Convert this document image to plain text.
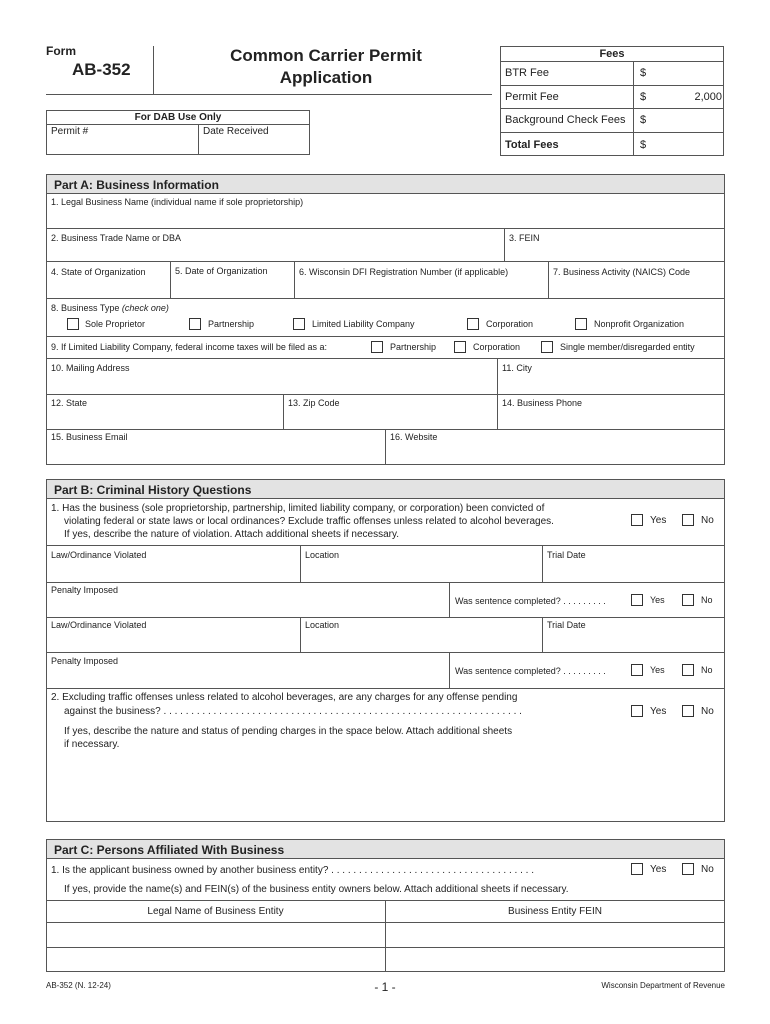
Form
AB-352
Common Carrier Permit
Application
Fees
BTR Fee	$
Permit Fee	$	2,000
Background Check Fees $
Total Fees	$
For DAB Use Only
Permit #	Date Received
Part A: Business Information
1. Legal Business Name (individual name if sole proprietorship)
2. Business Trade Name or DBA	3. FEIN
4. State of Organization	5. Date of Organization	6. Wisconsin DFI Registration Number (if applicable)	7. Business Activity (NAICS) Code
8. Business Type (check one)
Sole Proprietor	Partnership	Limited Liability Company	Corporation	Nonprofit Organization
9. If Limited Liability Company, federal income taxes will be filed as a:	Partnership	Corporation	Single member/disregarded entity
10. Mailing Address	11. City
12. State	13. Zip Code	14. Business Phone
15. Business Email	16. Website
Part B: Criminal History Questions
1. Has the business (sole proprietorship, partnership, limited liability company, or corporation) been convicted of
violating federal or state laws or local ordinances? Exclude traffic offenses unless related to alcohol beverages.
If yes, describe the nature of violation. Attach additional sheets if necessary.
Yes	No
Law/Ordinance Violated	Location	Trial Date
Penalty Imposed
Was sentence completed? . . . . . . . . .	Yes	No
Law/Ordinance Violated	Location	Trial Date
Penalty Imposed
Was sentence completed? . . . . . . . . .	Yes	No
2. Excluding traffic offenses unless related to alcohol beverages, are any charges for any offense pending
against the business? . . . . . . . . . . . . . . . . . . . . . . . . . . . . . . . . . . . . . . . . . . . . . . . . . . . . . . . . . . . . . . . . .	Yes	No
If yes, describe the nature and status of pending charges in the space below. Attach additional sheets
if necessary.
Part C: Persons Affiliated With Business
1. Is the applicant business owned by another business entity? . . . . . . . . . . . . . . . . . . . . . . . . . . . . . . . . . . . . .	Yes	No
If yes, provide the name(s) and FEIN(s) of the business entity owners below. Attach additional sheets if necessary.
Legal Name of Business Entity	Business Entity FEIN
AB-352 (N. 12-24)	- 1 -	Wisconsin Department of Revenue
